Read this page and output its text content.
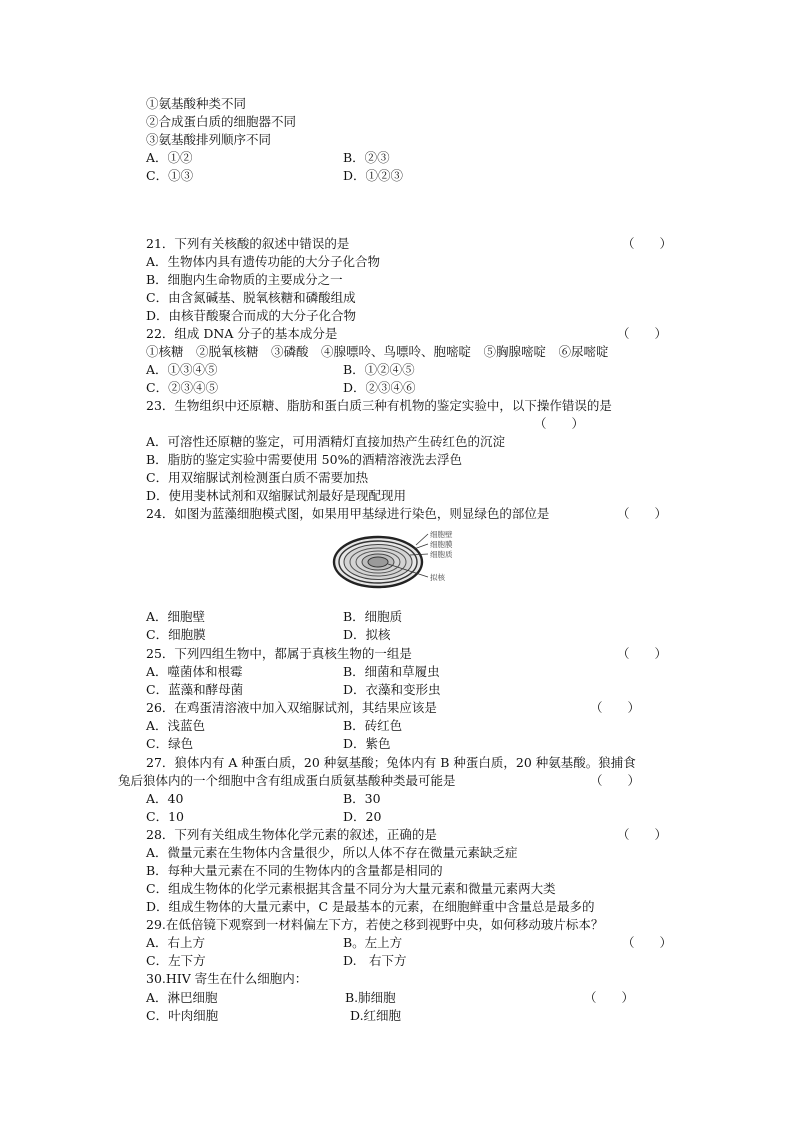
①氨基酸种类不同
②合成蛋白质的细胞器不同
③氨基酸排列顺序不同
A．①②	B．②③
C．①③	D．①②③
21．下列有关核酸的叙述中错误的是	（　　）
A．生物体内具有遗传功能的大分子化合物
B．细胞内生命物质的主要成分之一
C．由含氮碱基、脱氧核糖和磷酸组成
D．由核苷酸聚合而成的大分子化合物
22．组成 DNA 分子的基本成分是	（　　）
①核糖　②脱氧核糖　③磷酸　④腺嘌呤、鸟嘌呤、胞嘧啶　⑤胸腺嘧啶　⑥尿嘧啶
A．①③④⑤	B．①②④⑤
C．②③④⑤	D．②③④⑥
23．生物组织中还原糖、脂肪和蛋白质三种有机物的鉴定实验中，以下操作错误的是
（　　）
A．可溶性还原糖的鉴定，可用酒精灯直接加热产生砖红色的沉淀
B．脂肪的鉴定实验中需要使用 50%的酒精溶液洗去浮色
C．用双缩脲试剂检测蛋白质不需要加热
D．使用斐林试剂和双缩脲试剂最好是现配现用
24．如图为蓝藻细胞模式图，如果用甲基绿进行染色，则显绿色的部位是	（　　）
细胞壁
细胞膜
细胞质
拟核
A．细胞壁	B．细胞质
C．细胞膜	D．拟核
25．下列四组生物中，都属于真核生物的一组是	（　　）
A．噬菌体和根霉	B．细菌和草履虫
C．蓝藻和酵母菌	D．衣藻和变形虫
26．在鸡蛋清溶液中加入双缩脲试剂，其结果应该是	（　　）
A．浅蓝色	B．砖红色
C．绿色	D．紫色
27．狼体内有 A 种蛋白质，20 种氨基酸；兔体内有 B 种蛋白质，20 种氨基酸。狼捕食
兔后狼体内的一个细胞中含有组成蛋白质氨基酸种类最可能是	（　　）
A．40	B．30
C．10	D．20
28．下列有关组成生物体化学元素的叙述，正确的是	（　　）
A．微量元素在生物体内含量很少，所以人体不存在微量元素缺乏症
B．每种大量元素在不同的生物体内的含量都是相同的
C．组成生物体的化学元素根据其含量不同分为大量元素和微量元素两大类
D．组成生物体的大量元素中，C 是最基本的元素，在细胞鲜重中含量总是最多的
29.在低倍镜下观察到一材料偏左下方，若使之移到视野中央，如何移动玻片标本？
（　　）
A．右上方	B。左上方
C．左下方	D.　右下方
30.HIV 寄生在什么细胞内：
A．淋巴细胞	B.肺细胞	（　　）
C．叶肉细胞	D.红细胞
